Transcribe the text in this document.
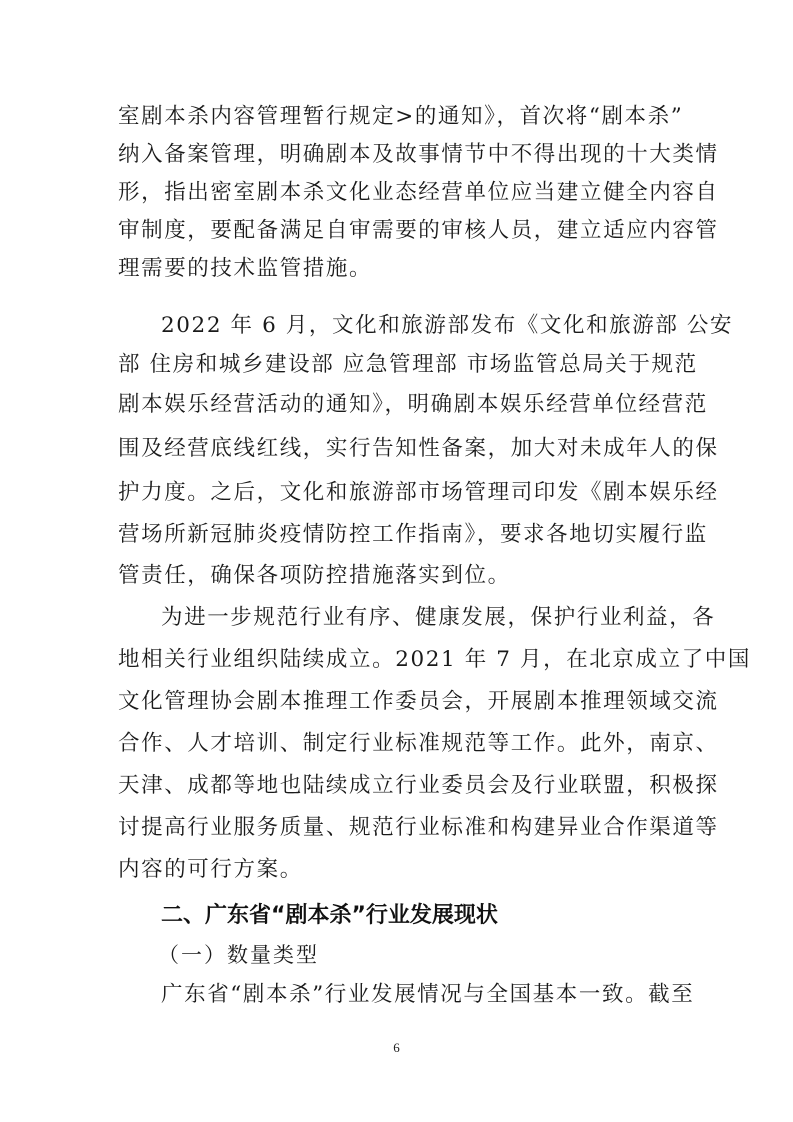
室剧本杀内容管理暂行规定>的通知》，首次将“剧本杀”
纳入备案管理，明确剧本及故事情节中不得出现的十大类情
形，指出密室剧本杀文化业态经营单位应当建立健全内容自
审制度，要配备满足自审需要的审核人员，建立适应内容管
理需要的技术监管措施。
2022 年 6 月，文化和旅游部发布《文化和旅游部 公安
部 住房和城乡建设部 应急管理部 市场监管总局关于规范
剧本娱乐经营活动的通知》，明确剧本娱乐经营单位经营范
围及经营底线红线，实行告知性备案，加大对未成年人的保
护力度。之后，文化和旅游部市场管理司印发《剧本娱乐经
营场所新冠肺炎疫情防控工作指南》，要求各地切实履行监
管责任，确保各项防控措施落实到位。
为进一步规范行业有序、健康发展，保护行业利益，各
地相关行业组织陆续成立。2021 年 7 月，在北京成立了中国
文化管理协会剧本推理工作委员会，开展剧本推理领域交流
合作、人才培训、制定行业标准规范等工作。此外，南京、
天津、成都等地也陆续成立行业委员会及行业联盟，积极探
讨提高行业服务质量、规范行业标准和构建异业合作渠道等
内容的可行方案。
二、广东省“剧本杀”行业发展现状
（一）数量类型
广东省“剧本杀”行业发展情况与全国基本一致。截至
6
